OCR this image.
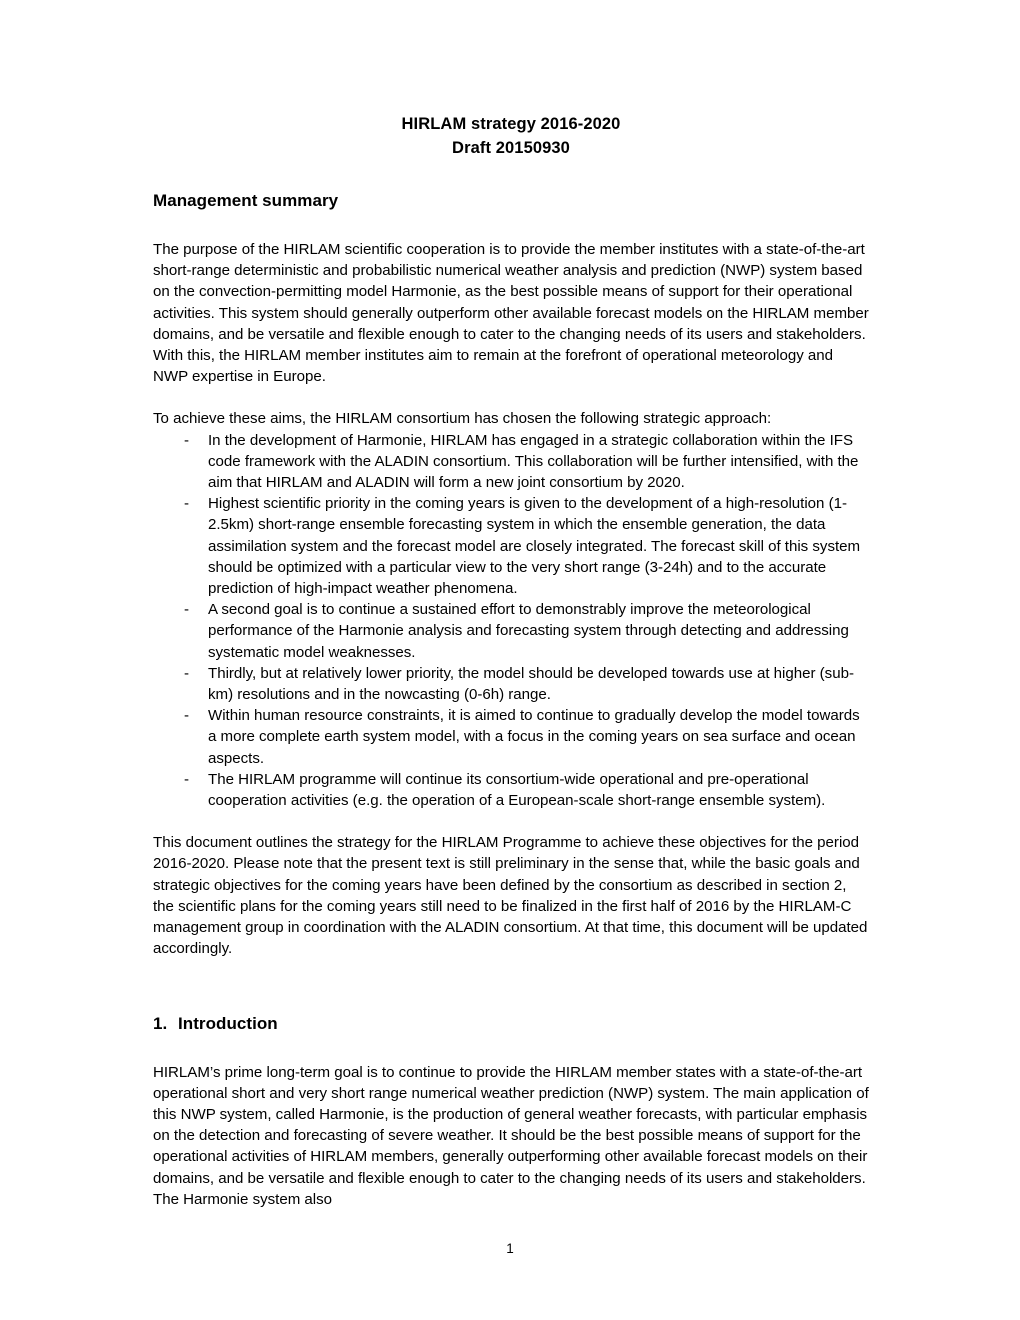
HIRLAM strategy 2016-2020
Draft 20150930
Management summary

The purpose of the HIRLAM scientific cooperation is to provide the member institutes with a state-of-the-art short-range deterministic and probabilistic numerical weather analysis and prediction (NWP) system based on the convection-permitting model Harmonie, as the best possible means of support for their operational activities. This system should generally outperform other available forecast models on the HIRLAM member domains, and be versatile and flexible enough to cater to the changing needs of its users and stakeholders. With this, the HIRLAM member institutes aim to remain at the forefront of operational meteorology and NWP expertise in Europe.

To achieve these aims, the HIRLAM consortium has chosen the following strategic approach:

- In the development of Harmonie, HIRLAM has engaged in a strategic collaboration within the IFS code framework with the ALADIN consortium. This collaboration will be further intensified, with the aim that HIRLAM and ALADIN will form a new joint consortium by 2020.
- Highest scientific priority in the coming years is given to the development of a high-resolution (1-2.5km) short-range ensemble forecasting system in which the ensemble generation, the data assimilation system and the forecast model are closely integrated. The forecast skill of this system should be optimized with a particular view to the very short range (3-24h) and to the accurate prediction of high-impact weather phenomena.
- A second goal is to continue a sustained effort to demonstrably improve the meteorological performance of the Harmonie analysis and forecasting system through detecting and addressing systematic model weaknesses.
- Thirdly, but at relatively lower priority, the model should be developed towards use at higher (sub-km) resolutions and in the nowcasting (0-6h) range.
- Within human resource constraints, it is aimed to continue to gradually develop the model towards a more complete earth system model, with a focus in the coming years on sea surface and ocean aspects.
- The HIRLAM programme will continue its consortium-wide operational and pre-operational cooperation activities (e.g. the operation of a European-scale short-range ensemble system).

This document outlines the strategy for the HIRLAM Programme to achieve these objectives for the period 2016-2020. Please note that the present text is still preliminary in the sense that, while the basic goals and strategic objectives for the coming years have been defined by the consortium as described in section 2, the scientific plans for the coming years still need to be finalized in the first half of 2016 by the HIRLAM-C management group in coordination with the ALADIN consortium. At that time, this document will be updated accordingly.

1. Introduction

HIRLAM’s prime long-term goal is to continue to provide the HIRLAM member states with a state-of-the-art operational short and very short range numerical weather prediction (NWP) system. The main application of this NWP system, called Harmonie, is the production of general weather forecasts, with particular emphasis on the detection and forecasting of severe weather. It should be the best possible means of support for the operational activities of HIRLAM members, generally outperforming other available forecast models on their domains, and be versatile and flexible enough to cater to the changing needs of its users and stakeholders. The Harmonie system also

1
